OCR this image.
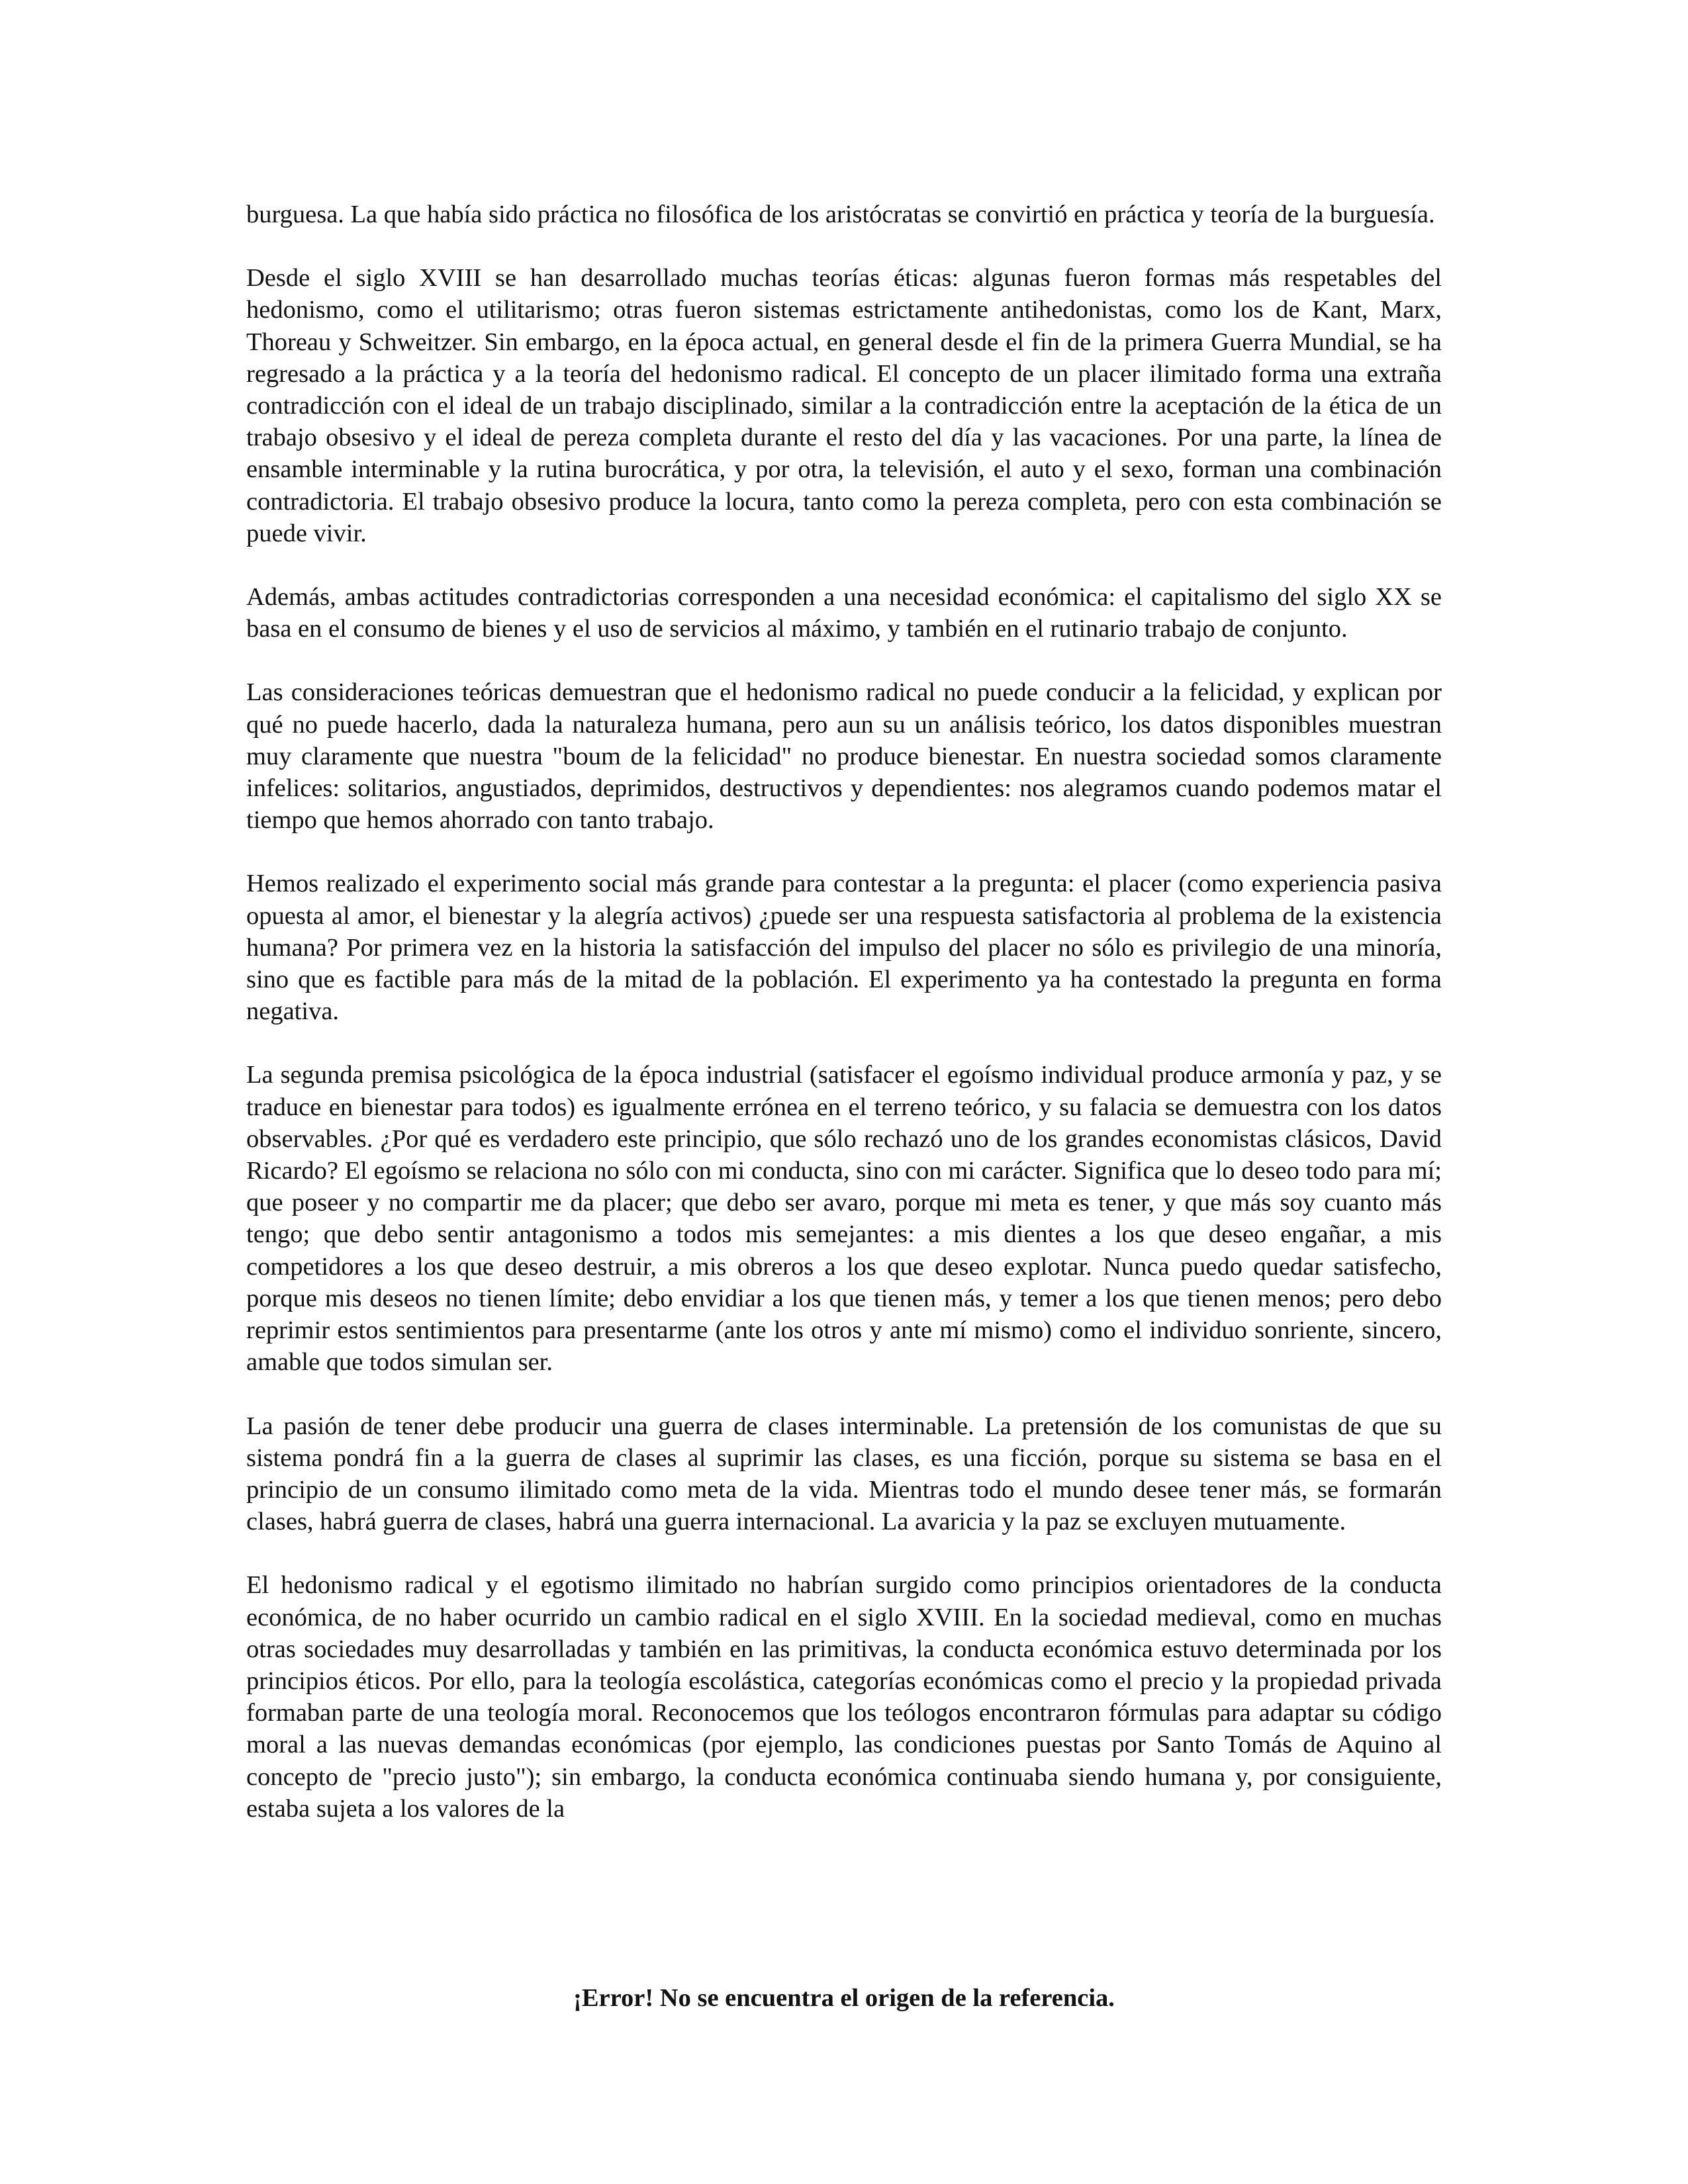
burguesa. La que había sido práctica no filosófica de los aristócratas se convirtió en práctica y teoría de la burguesía.

Desde el siglo XVIII se han desarrollado muchas teorías éticas: algunas fueron formas más respetables del hedonismo, como el utilitarismo; otras fueron sistemas estrictamente antihedonistas, como los de Kant, Marx, Thoreau y Schweitzer. Sin embargo, en la época actual, en general desde el fin de la primera Guerra Mundial, se ha regresado a la práctica y a la teoría del hedonismo radical. El concepto de un placer ilimitado forma una extraña contradicción con el ideal de un trabajo disciplinado, similar a la contradicción entre la aceptación de la ética de un trabajo obsesivo y el ideal de pereza completa durante el resto del día y las vacaciones. Por una parte, la línea de ensamble interminable y la rutina burocrática, y por otra, la televisión, el auto y el sexo, forman una combinación contradictoria. El trabajo obsesivo produce la locura, tanto como la pereza completa, pero con esta combinación se puede vivir.

Además, ambas actitudes contradictorias corresponden a una necesidad económica: el capitalismo del siglo XX se basa en el consumo de bienes y el uso de servicios al máximo, y también en el rutinario trabajo de conjunto.

Las consideraciones teóricas demuestran que el hedonismo radical no puede conducir a la felicidad, y explican por qué no puede hacerlo, dada la naturaleza humana, pero aun su un análisis teórico, los datos disponibles muestran muy claramente que nuestra "boum de la felicidad" no produce bienestar. En nuestra sociedad somos claramente infelices: solitarios, angustiados, deprimidos, destructivos y dependientes: nos alegramos cuando podemos matar el tiempo que hemos ahorrado con tanto trabajo.

Hemos realizado el experimento social más grande para contestar a la pregunta: el placer (como experiencia pasiva opuesta al amor, el bienestar y la alegría activos) ¿puede ser una respuesta satisfactoria al problema de la existencia humana? Por primera vez en la historia la satisfacción del impulso del placer no sólo es privilegio de una minoría, sino que es factible para más de la mitad de la población. El experimento ya ha contestado la pregunta en forma negativa.

La segunda premisa psicológica de la época industrial (satisfacer el egoísmo individual produce armonía y paz, y se traduce en bienestar para todos) es igualmente errónea en el terreno teórico, y su falacia se demuestra con los datos observables. ¿Por qué es verdadero este principio, que sólo rechazó uno de los grandes economistas clásicos, David Ricardo? El egoísmo se relaciona no sólo con mi conducta, sino con mi carácter. Significa que lo deseo todo para mí; que poseer y no compartir me da placer; que debo ser avaro, porque mi meta es tener, y que más soy cuanto más tengo; que debo sentir antagonismo a todos mis semejantes: a mis dientes a los que deseo engañar, a mis competidores a los que deseo destruir, a mis obreros a los que deseo explotar. Nunca puedo quedar satisfecho, porque mis deseos no tienen límite; debo envidiar a los que tienen más, y temer a los que tienen menos; pero debo reprimir estos sentimientos para presentarme (ante los otros y ante mí mismo) como el individuo sonriente, sincero, amable que todos simulan ser.

La pasión de tener debe producir una guerra de clases interminable. La pretensión de los comunistas de que su sistema pondrá fin a la guerra de clases al suprimir las clases, es una ficción, porque su sistema se basa en el principio de un consumo ilimitado como meta de la vida. Mientras todo el mundo desee tener más, se formarán clases, habrá guerra de clases, habrá una guerra internacional. La avaricia y la paz se excluyen mutuamente.

El hedonismo radical y el egotismo ilimitado no habrían surgido como principios orientadores de la conducta económica, de no haber ocurrido un cambio radical en el siglo XVIII. En la sociedad medieval, como en muchas otras sociedades muy desarrolladas y también en las primitivas, la conducta económica estuvo determinada por los principios éticos. Por ello, para la teología escolástica, categorías económicas como el precio y la propiedad privada formaban parte de una teología moral. Reconocemos que los teólogos encontraron fórmulas para adaptar su código moral a las nuevas demandas económicas (por ejemplo, las condiciones puestas por Santo Tomás de Aquino al concepto de "precio justo"); sin embargo, la conducta económica continuaba siendo humana y, por consiguiente, estaba sujeta a los valores de la

¡Error! No se encuentra el origen de la referencia.
